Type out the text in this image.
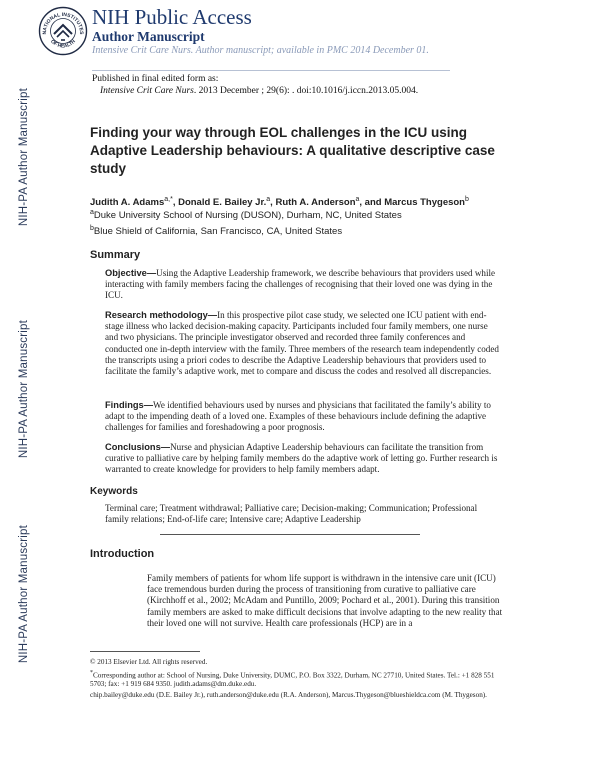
NIH-PA Author Manuscript
NIH-PA Author Manuscript
NIH-PA Author Manuscript
NATIONAL INSTITUTES
OF HEALTH
NIH Public Access
Author Manuscript
Intensive Crit Care Nurs. Author manuscript; available in PMC 2014 December 01.
Published in final edited form as:
Intensive Crit Care Nurs. 2013 December ; 29(6): . doi:10.1016/j.iccn.2013.05.004.
Finding your way through EOL challenges in the ICU using Adaptive Leadership behaviours: A qualitative descriptive case study
Judith A. Adams$^{a,*}$, Donald E. Bailey Jr.$^a$, Ruth A. Anderson$^a$, and Marcus Thygeson$^b$
$^a$Duke University School of Nursing (DUSON), Durham, NC, United States
$^b$Blue Shield of California, San Francisco, CA, United States
Summary
Objective—Using the Adaptive Leadership framework, we describe behaviours that providers used while interacting with family members facing the challenges of recognising that their loved one was dying in the ICU.
Research methodology—In this prospective pilot case study, we selected one ICU patient with end-stage illness who lacked decision-making capacity. Participants included four family members, one nurse and two physicians. The principle investigator observed and recorded three family conferences and conducted one in-depth interview with the family. Three members of the research team independently coded the transcripts using a priori codes to describe the Adaptive Leadership behaviours that providers used to facilitate the family’s adaptive work, met to compare and discuss the codes and resolved all discrepancies.
Findings—We identified behaviours used by nurses and physicians that facilitated the family’s ability to adapt to the impending death of a loved one. Examples of these behaviours include defining the adaptive challenges for families and foreshadowing a poor prognosis.
Conclusions—Nurse and physician Adaptive Leadership behaviours can facilitate the transition from curative to palliative care by helping family members do the adaptive work of letting go. Further research is warranted to create knowledge for providers to help family members adapt.
Keywords
Terminal care; Treatment withdrawal; Palliative care; Decision-making; Communication; Professional family relations; End-of-life care; Intensive care; Adaptive Leadership
Introduction
Family members of patients for whom life support is withdrawn in the intensive care unit (ICU) face tremendous burden during the process of transitioning from curative to palliative care (Kirchhoff et al., 2002; McAdam and Puntillo, 2009; Pochard et al., 2001). During this transition family members are asked to make difficult decisions that involve adapting to the new reality that their loved one will not survive. Health care professionals (HCP) are in a

© 2013 Elsevier Ltd. All rights reserved.

*Corresponding author at: School of Nursing, Duke University, DUMC, P.O. Box 3322, Durham, NC 27710, United States. Tel.: +1 828 551 5703; fax: +1 919 684 9350. judith.adams@dm.duke.edu.

chip.bailey@duke.edu (D.E. Bailey Jr.), ruth.anderson@duke.edu (R.A. Anderson), Marcus.Thygeson@blueshieldca.com (M. Thygeson).
